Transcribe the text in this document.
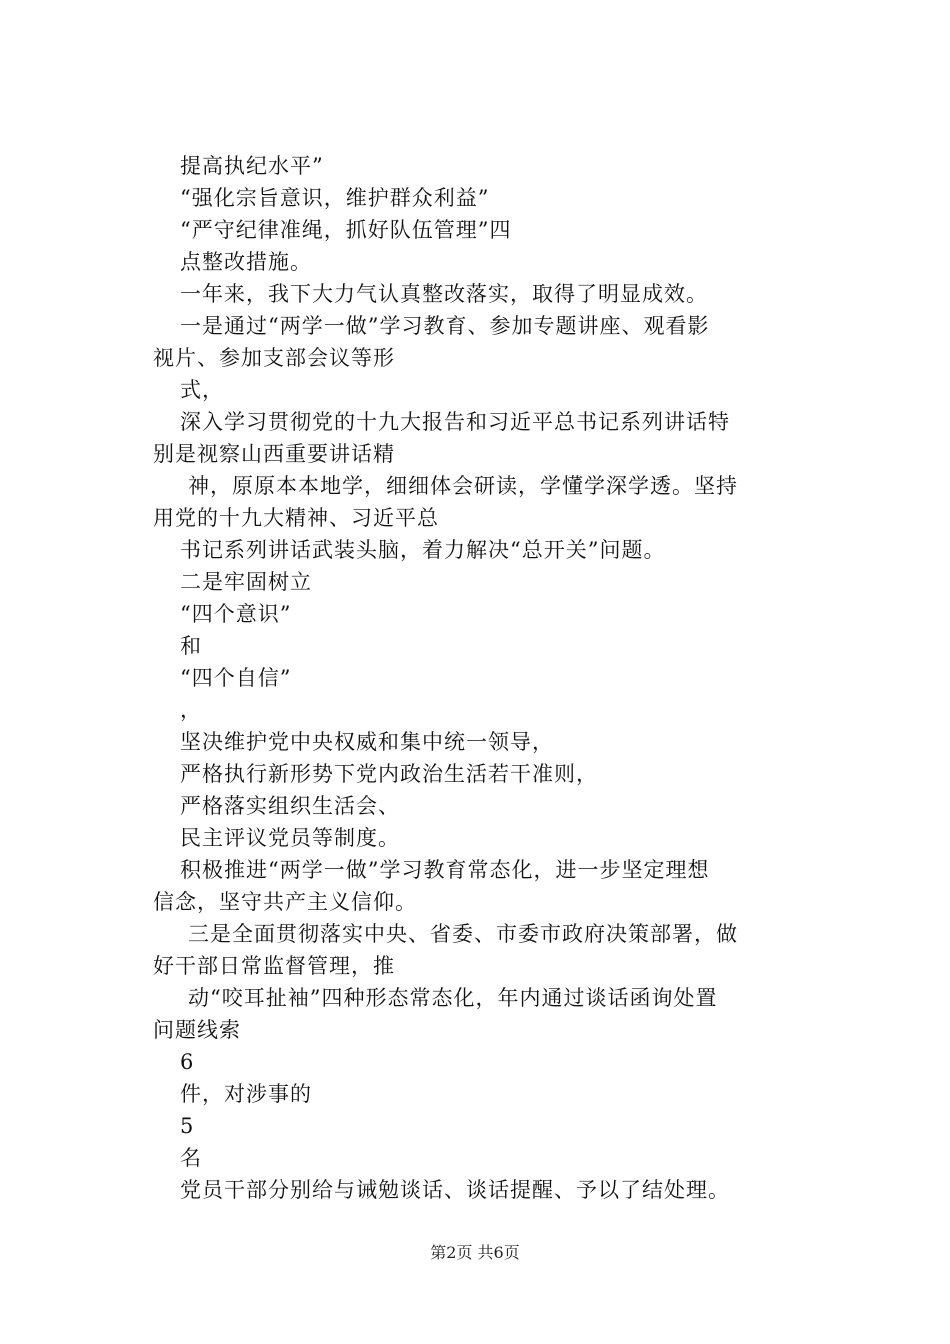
提高执纪水平”
“强化宗旨意识，维护群众利益”
“严守纪律准绳，抓好队伍管理”四
点整改措施。
一年来，我下大力气认真整改落实，取得了明显成效。
一是通过“两学一做”学习教育、参加专题讲座、观看影
视片、参加支部会议等形
式，
深入学习贯彻党的十九大报告和习近平总书记系列讲话特
别是视察山西重要讲话精
神，原原本本地学，细细体会研读，学懂学深学透。坚持
用党的十九大精神、习近平总
书记系列讲话武装头脑，着力解决“总开关”问题。
二是牢固树立
“四个意识”
和
“四个自信”
，
坚决维护党中央权威和集中统一领导，
严格执行新形势下党内政治生活若干准则，
严格落实组织生活会、
民主评议党员等制度。
积极推进“两学一做”学习教育常态化，进一步坚定理想
信念，坚守共产主义信仰。
三是全面贯彻落实中央、省委、市委市政府决策部署，做
好干部日常监督管理，推
动“咬耳扯袖”四种形态常态化，年内通过谈话函询处置
问题线索
6
件，对涉事的
5
名
党员干部分别给与诫勉谈话、谈话提醒、予以了结处理。
第2页 共6页
